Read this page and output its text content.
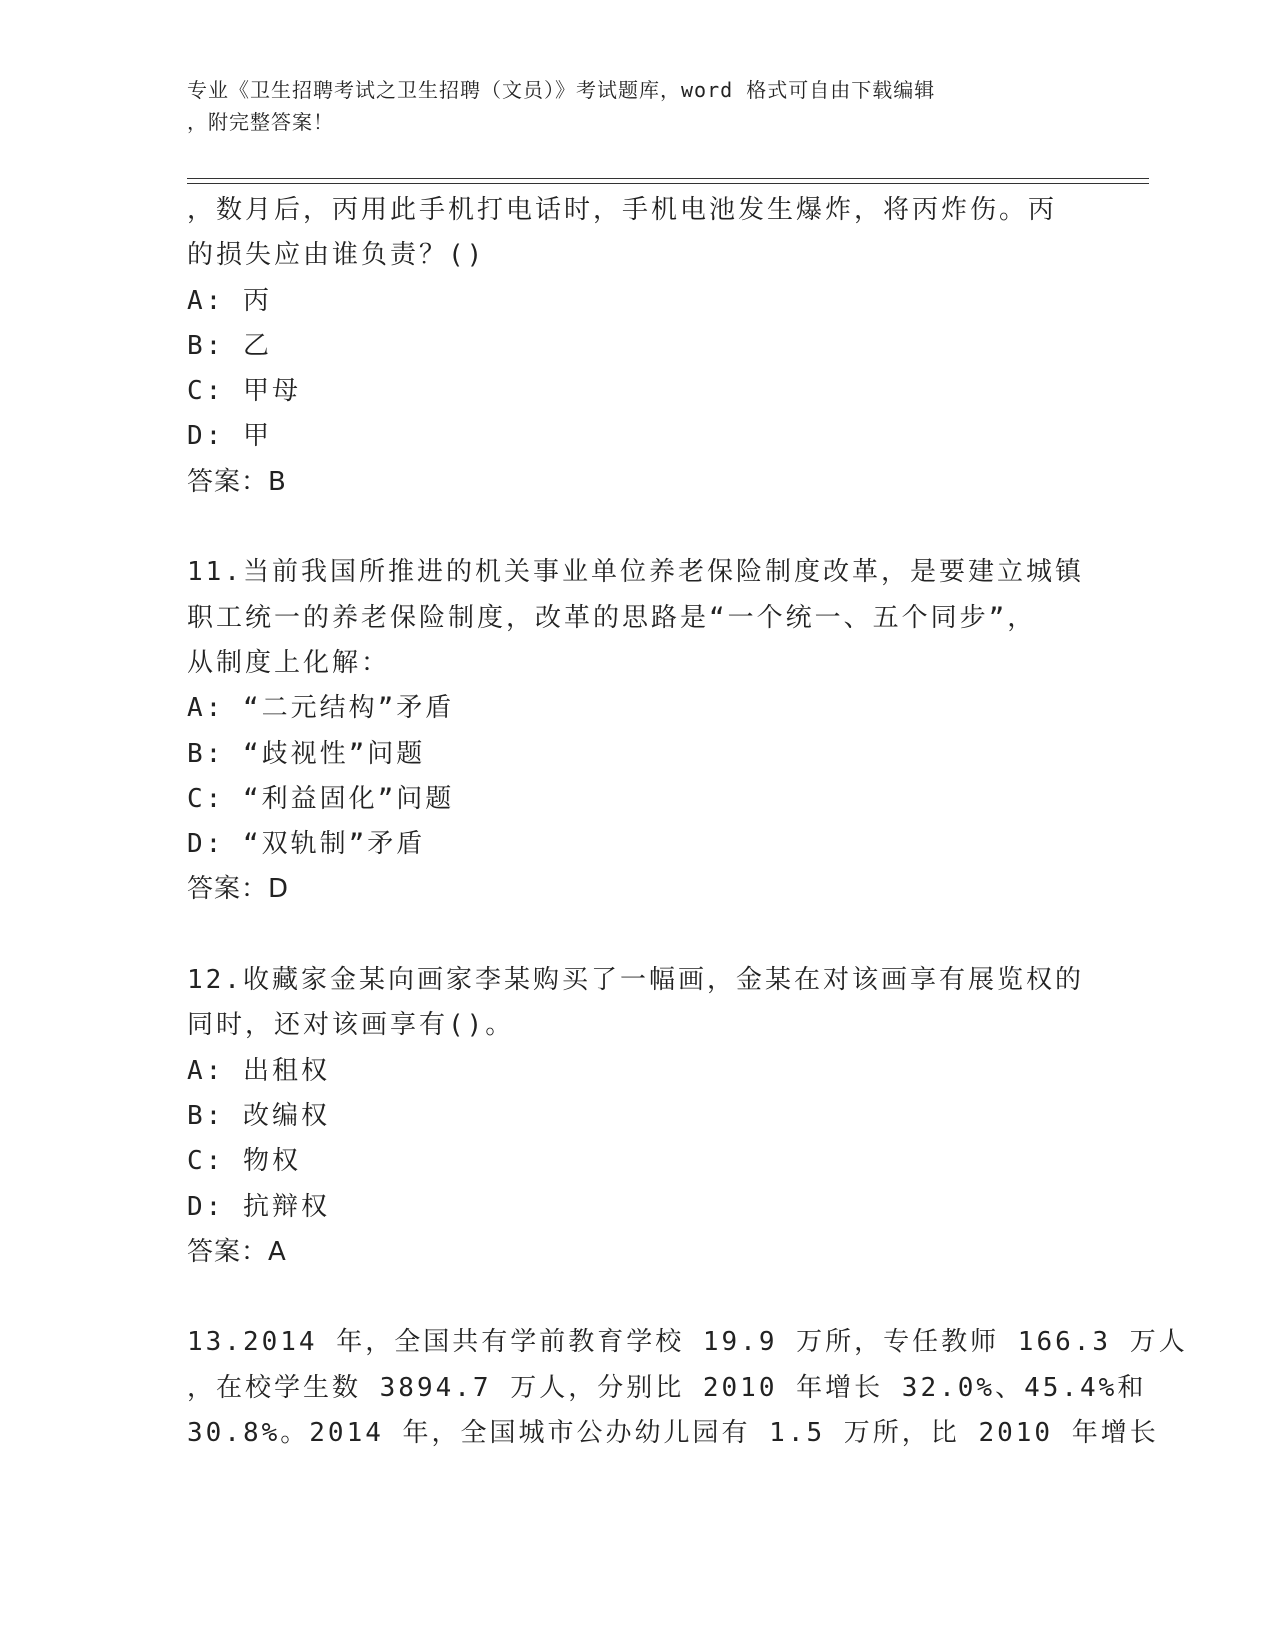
专业《卫生招聘考试之卫生招聘（文员）》考试题库，word 格式可自由下载编辑
，附完整答案！
，数月后，丙用此手机打电话时，手机电池发生爆炸，将丙炸伤。丙
的损失应由谁负责？()
A: 丙
B: 乙
C: 甲母
D: 甲
答案：B
11.当前我国所推进的机关事业单位养老保险制度改革，是要建立城镇
职工统一的养老保险制度，改革的思路是“一个统一、五个同步”，
从制度上化解：
A: “二元结构”矛盾
B: “歧视性”问题
C: “利益固化”问题
D: “双轨制”矛盾
答案：D
12.收藏家金某向画家李某购买了一幅画，金某在对该画享有展览权的
同时，还对该画享有()。
A: 出租权
B: 改编权
C: 物权
D: 抗辩权
答案：A
13.2014 年，全国共有学前教育学校 19.9 万所，专任教师 166.3 万人
，在校学生数 3894.7 万人，分别比 2010 年增长 32.0%、45.4%和
30.8%。2014 年，全国城市公办幼儿园有 1.5 万所，比 2010 年增长
